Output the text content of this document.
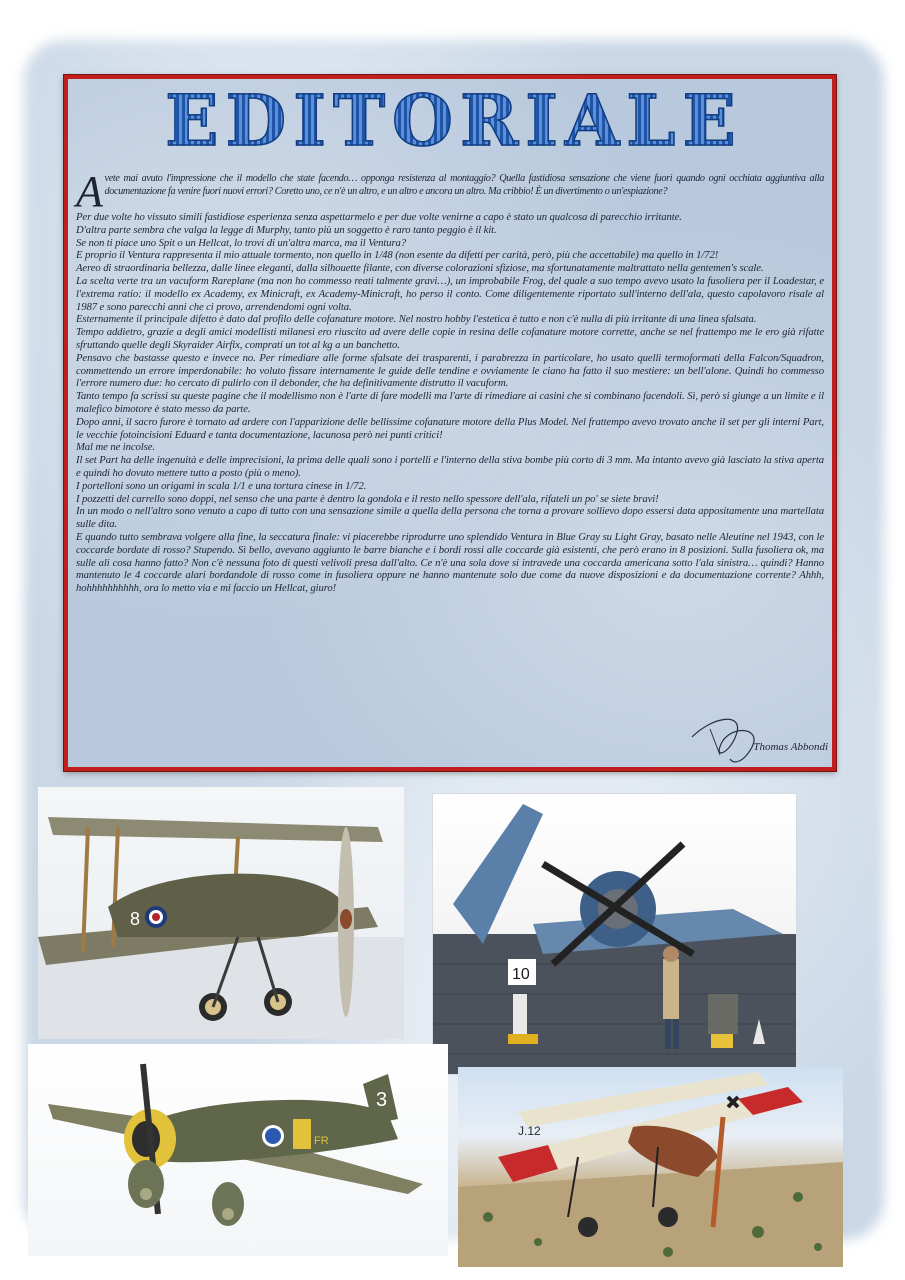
EDITORIALE
A vete mai avuto l'impressione che il modello che state facendo… opponga resistenza al montaggio? Quella fastidiosa sensazione che viene fuori quando ogni occhiata aggiuntiva alla documentazione fa venire fuori nuovi errori? Coretto uno, ce n'è un altro, e un altro e ancora un altro. Ma cribbio! È un divertimento o un'espiazione?

Per due volte ho vissuto simili fastidiose esperienza senza aspettarmelo e per due volte venirne a capo è stato un qualcosa di parecchio irritante.

D'altra parte sembra che valga la legge di Murphy, tanto più un soggetto è raro tanto peggio è il kit.

Se non ti piace uno Spit o un Hellcat, lo trovi di un'altra marca, ma il Ventura?

E proprio il Ventura rappresenta il mio attuale tormento, non quello in 1/48 (non esente da difetti per carità, però, più che accettabile) ma quello in 1/72!

Aereo di straordinaria bellezza, dalle linee eleganti, dalla silhouette filante, con diverse colorazioni sfiziose, ma sfortunatamente maltrattato nella gentemen's scale.

La scelta verte tra un vacuform Rareplane (ma non ho commesso reati talmente gravi…), un improbabile Frog, del quale a suo tempo avevo usato la fusoliera per il Loadestar, e l'extrema ratio: il modello ex Academy, ex Minicraft, ex Academy-Minicraft, ho perso il conto. Come diligentemente riportato sull'interno dell'ala, questo capolavoro risale al 1987 e sono parecchi anni che ci provo, arrendendomi ogni volta.

Esternamente il principale difetto è dato dal profilo delle cofanature motore. Nel nostro hobby l'estetica è tutto e non c'è nulla di più irritante di una linea sfalsata.

Tempo addietro, grazie a degli amici modellisti milanesi ero riuscito ad avere delle copie in resina delle cofanature motore corrette, anche se nel frattempo me le ero già rifatte sfruttando quelle degli Skyraider Airfix, comprati un tot al kg a un banchetto.

Pensavo che bastasse questo e invece no. Per rimediare alle forme sfalsate dei trasparenti, i parabrezza in particolare, ho usato quelli termoformati della Falcon/Squadron, commettendo un errore imperdonabile: ho voluto fissare internamente le guide delle tendine e ovviamente le ciano ha fatto il suo mestiere: un bell'alone. Quindi ho commesso l'errore numero due: ho cercato di pulirlo con il debonder, che ha definitivamente distrutto il vacuform.

Tanto tempo fa scrissi su queste pagine che il modellismo non è l'arte di fare modelli ma l'arte di rimediare ai casini che si combinano facendoli. Sì, però si giunge a un limite e il malefico bimotore è stato messo da parte.

Dopo anni, il sacro furore è tornato ad ardere con l'apparizione delle bellissime cofanature motore della Plus Model. Nel frattempo avevo trovato anche il set per gli interni Part, le vecchie fotoincisioni Eduard e tanta documentazione, lacunosa però nei punti critici!

Mal me ne incolse.

Il set Part ha delle ingenuità e delle imprecisioni, la prima delle quali sono i portelli e l'interno della stiva bombe più corto di 3 mm. Ma intanto avevo già lasciato la stiva aperta e quindi ho dovuto mettere tutto a posto (più o meno).

I portelloni sono un origami in scala 1/1 e una tortura cinese in 1/72.

I pozzetti del carrello sono doppi, nel senso che una parte è dentro la gondola e il resto nello spessore dell'ala, rifateli un po' se siete bravi!

In un modo o nell'altro sono venuto a capo di tutto con una sensazione simile a quella della persona che torna a provare sollievo dopo essersi data appositamente una martellata sulle dita.

E quando tutto sembrava volgere alla fine, la seccatura finale: vi piacerebbe riprodurre uno splendido Ventura in Blue Gray su Light Gray, basato nelle Aleutine nel 1943, con le coccarde bordate di rosso? Stupendo. Sì bello, avevano aggiunto le barre bianche e i bordi rossi alle coccarde già esistenti, che però erano in 8 posizioni. Sulla fusoliera ok, ma sulle ali cosa hanno fatto? Non c'è nessuna foto di questi velivoli presa dall'alto. Ce n'è una sola dove si intravede una coccarda americana sotto l'ala sinistra… quindi? Hanno mantenuto le 4 coccarde alari bordandole di rosso come in fusoliera oppure ne hanno mantenute solo due come da nuove disposizioni e da documentazione corrente? Ahhh, hohhhhhhhhhh, ora lo metto via e mi faccio un Hellcat, giuro!

Thomas Abbondi
8
10
FR
3
J.12
